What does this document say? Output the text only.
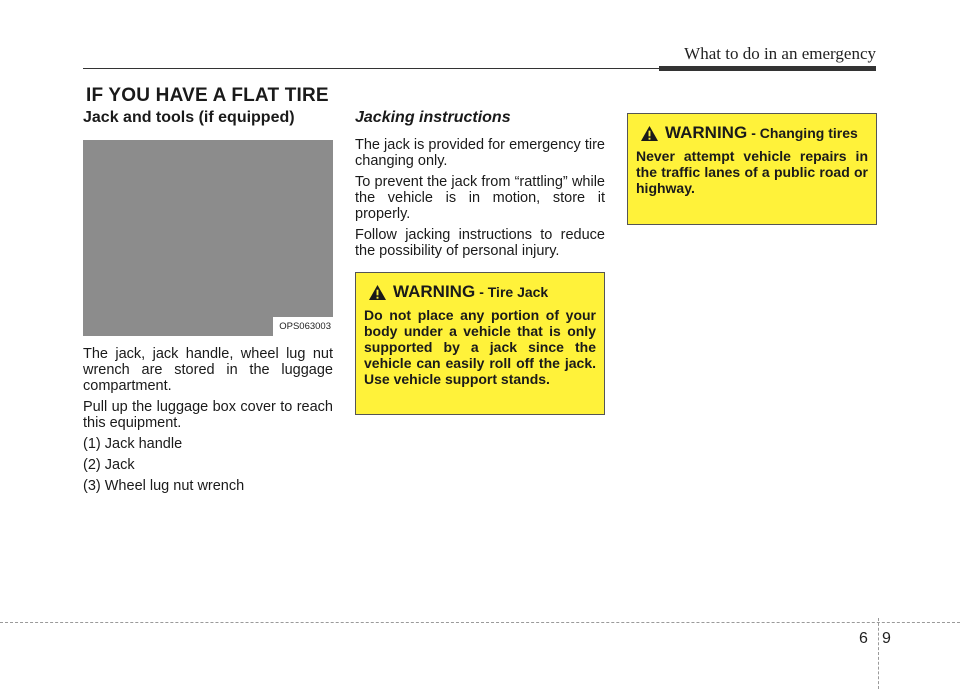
What to do in an emergency
IF YOU HAVE A FLAT TIRE
Jack and tools (if equipped)
OPS063003

The jack, jack handle, wheel lug nut wrench are stored in the luggage compartment.

Pull up the luggage box cover to reach this equipment.

(1) Jack handle

(2) Jack

(3) Wheel lug nut wrench

Jacking instructions

The jack is provided for emergency tire changing only.

To prevent the jack from “rattling” while the vehicle is in motion, store it properly.

Follow jacking instructions to reduce the possibility of personal injury.

WARNING - Tire Jack
Do not place any portion of your body under a vehicle that is only supported by a jack since the vehicle can easily roll off the jack. Use vehicle support stands.
WARNING - Changing tires
Never attempt vehicle repairs in the traffic lanes of a public road or highway.
6 9
